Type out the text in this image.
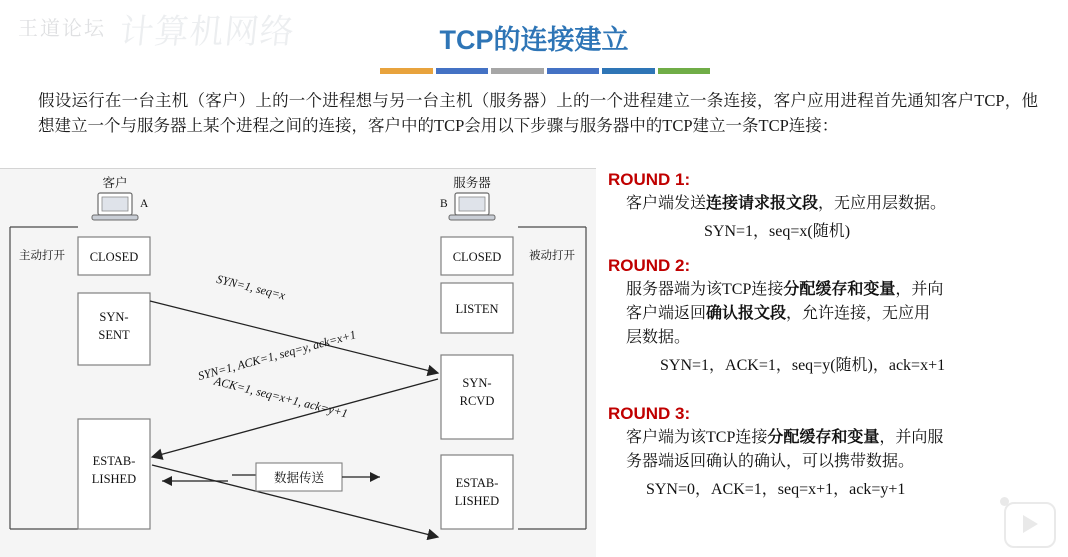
王道论坛 计算机网络	TCP的连接建立
假设运行在一台主机（客户）上的一个进程想与另一台主机（服务器）上的一个进程建立一条连接，客户应用进程首先通知客户TCP，他想建立一个与服务器上某个进程之间的连接，客户中的TCP会用以下步骤与服务器中的TCP建立一条TCP连接：
客户	服务器
A	B
主动打开	被动打开
CLOSED
SYN-
SENT
ESTAB-
LISHED
CLOSED
LISTEN
SYN-
RCVD
ESTAB-
LISHED
SYN=1, seq=x
SYN=1, ACK=1, seq=y, ack=x+1
ACK=1, seq=x+1, ack=y+1
数据传送
ROUND 1:
客户端发送连接请求报文段，无应用层数据。
SYN=1，seq=x(随机)
ROUND 2:
服务器端为该TCP连接分配缓存和变量，并向
客户端返回确认报文段，允许连接，无应用
层数据。
SYN=1，ACK=1，seq=y(随机)，ack=x+1
ROUND 3:
客户端为该TCP连接分配缓存和变量，并向服
务器端返回确认的确认，可以携带数据。
SYN=0，ACK=1，seq=x+1，ack=y+1
